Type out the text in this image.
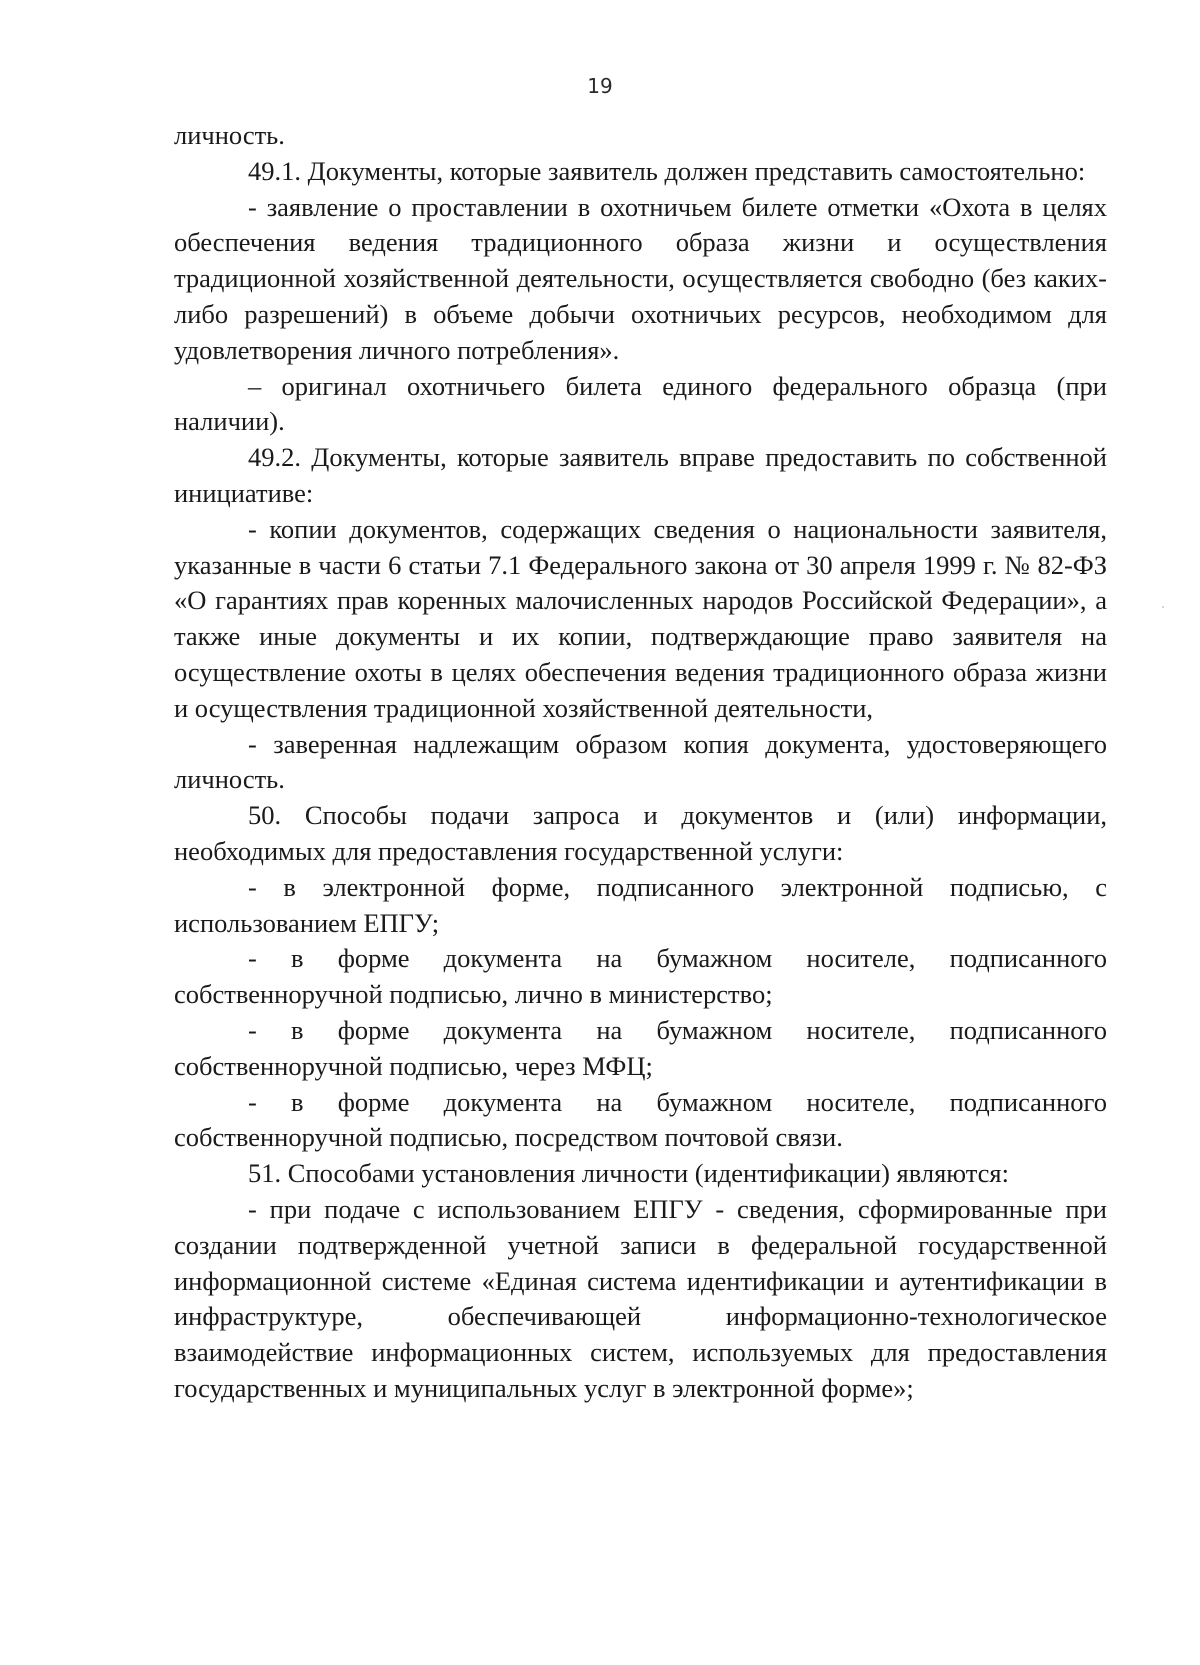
19

личность.

49.1. Документы, которые заявитель должен представить самостоятельно:

- заявление о проставлении в охотничьем билете отметки «Охота в целях обеспечения ведения традиционного образа жизни и осуществления традиционной хозяйственной деятельности, осуществляется свободно (без каких-либо разрешений) в объеме добычи охотничьих ресурсов, необходимом для удовлетворения личного потребления».

– оригинал охотничьего билета единого федерального образца (при наличии).

49.2. Документы, которые заявитель вправе предоставить по собственной инициативе:

- копии документов, содержащих сведения о национальности заявителя, указанные в части 6 статьи 7.1 Федерального закона от 30 апреля 1999 г. № 82-ФЗ «О гарантиях прав коренных малочисленных народов Российской Федерации», а также иные документы и их копии, подтверждающие право заявителя на осуществление охоты в целях обеспечения ведения традиционного образа жизни и осуществления традиционной хозяйственной деятельности,

- заверенная надлежащим образом копия документа, удостоверяющего личность.

50. Способы подачи запроса и документов и (или) информации, необходимых для предоставления государственной услуги:

- в электронной форме, подписанного электронной подписью, с использованием ЕПГУ;

- в форме документа на бумажном носителе, подписанного собственноручной подписью, лично в министерство;

- в форме документа на бумажном носителе, подписанного собственноручной подписью, через МФЦ;

- в форме документа на бумажном носителе, подписанного собственноручной подписью, посредством почтовой связи.

51. Способами установления личности (идентификации) являются:

- при подаче с использованием ЕПГУ - сведения, сформированные при создании подтвержденной учетной записи в федеральной государственной информационной системе «Единая система идентификации и аутентификации в инфраструктуре, обеспечивающей информационно-технологическое взаимодействие информационных систем, используемых для предоставления государственных и муниципальных услуг в электронной форме»;
